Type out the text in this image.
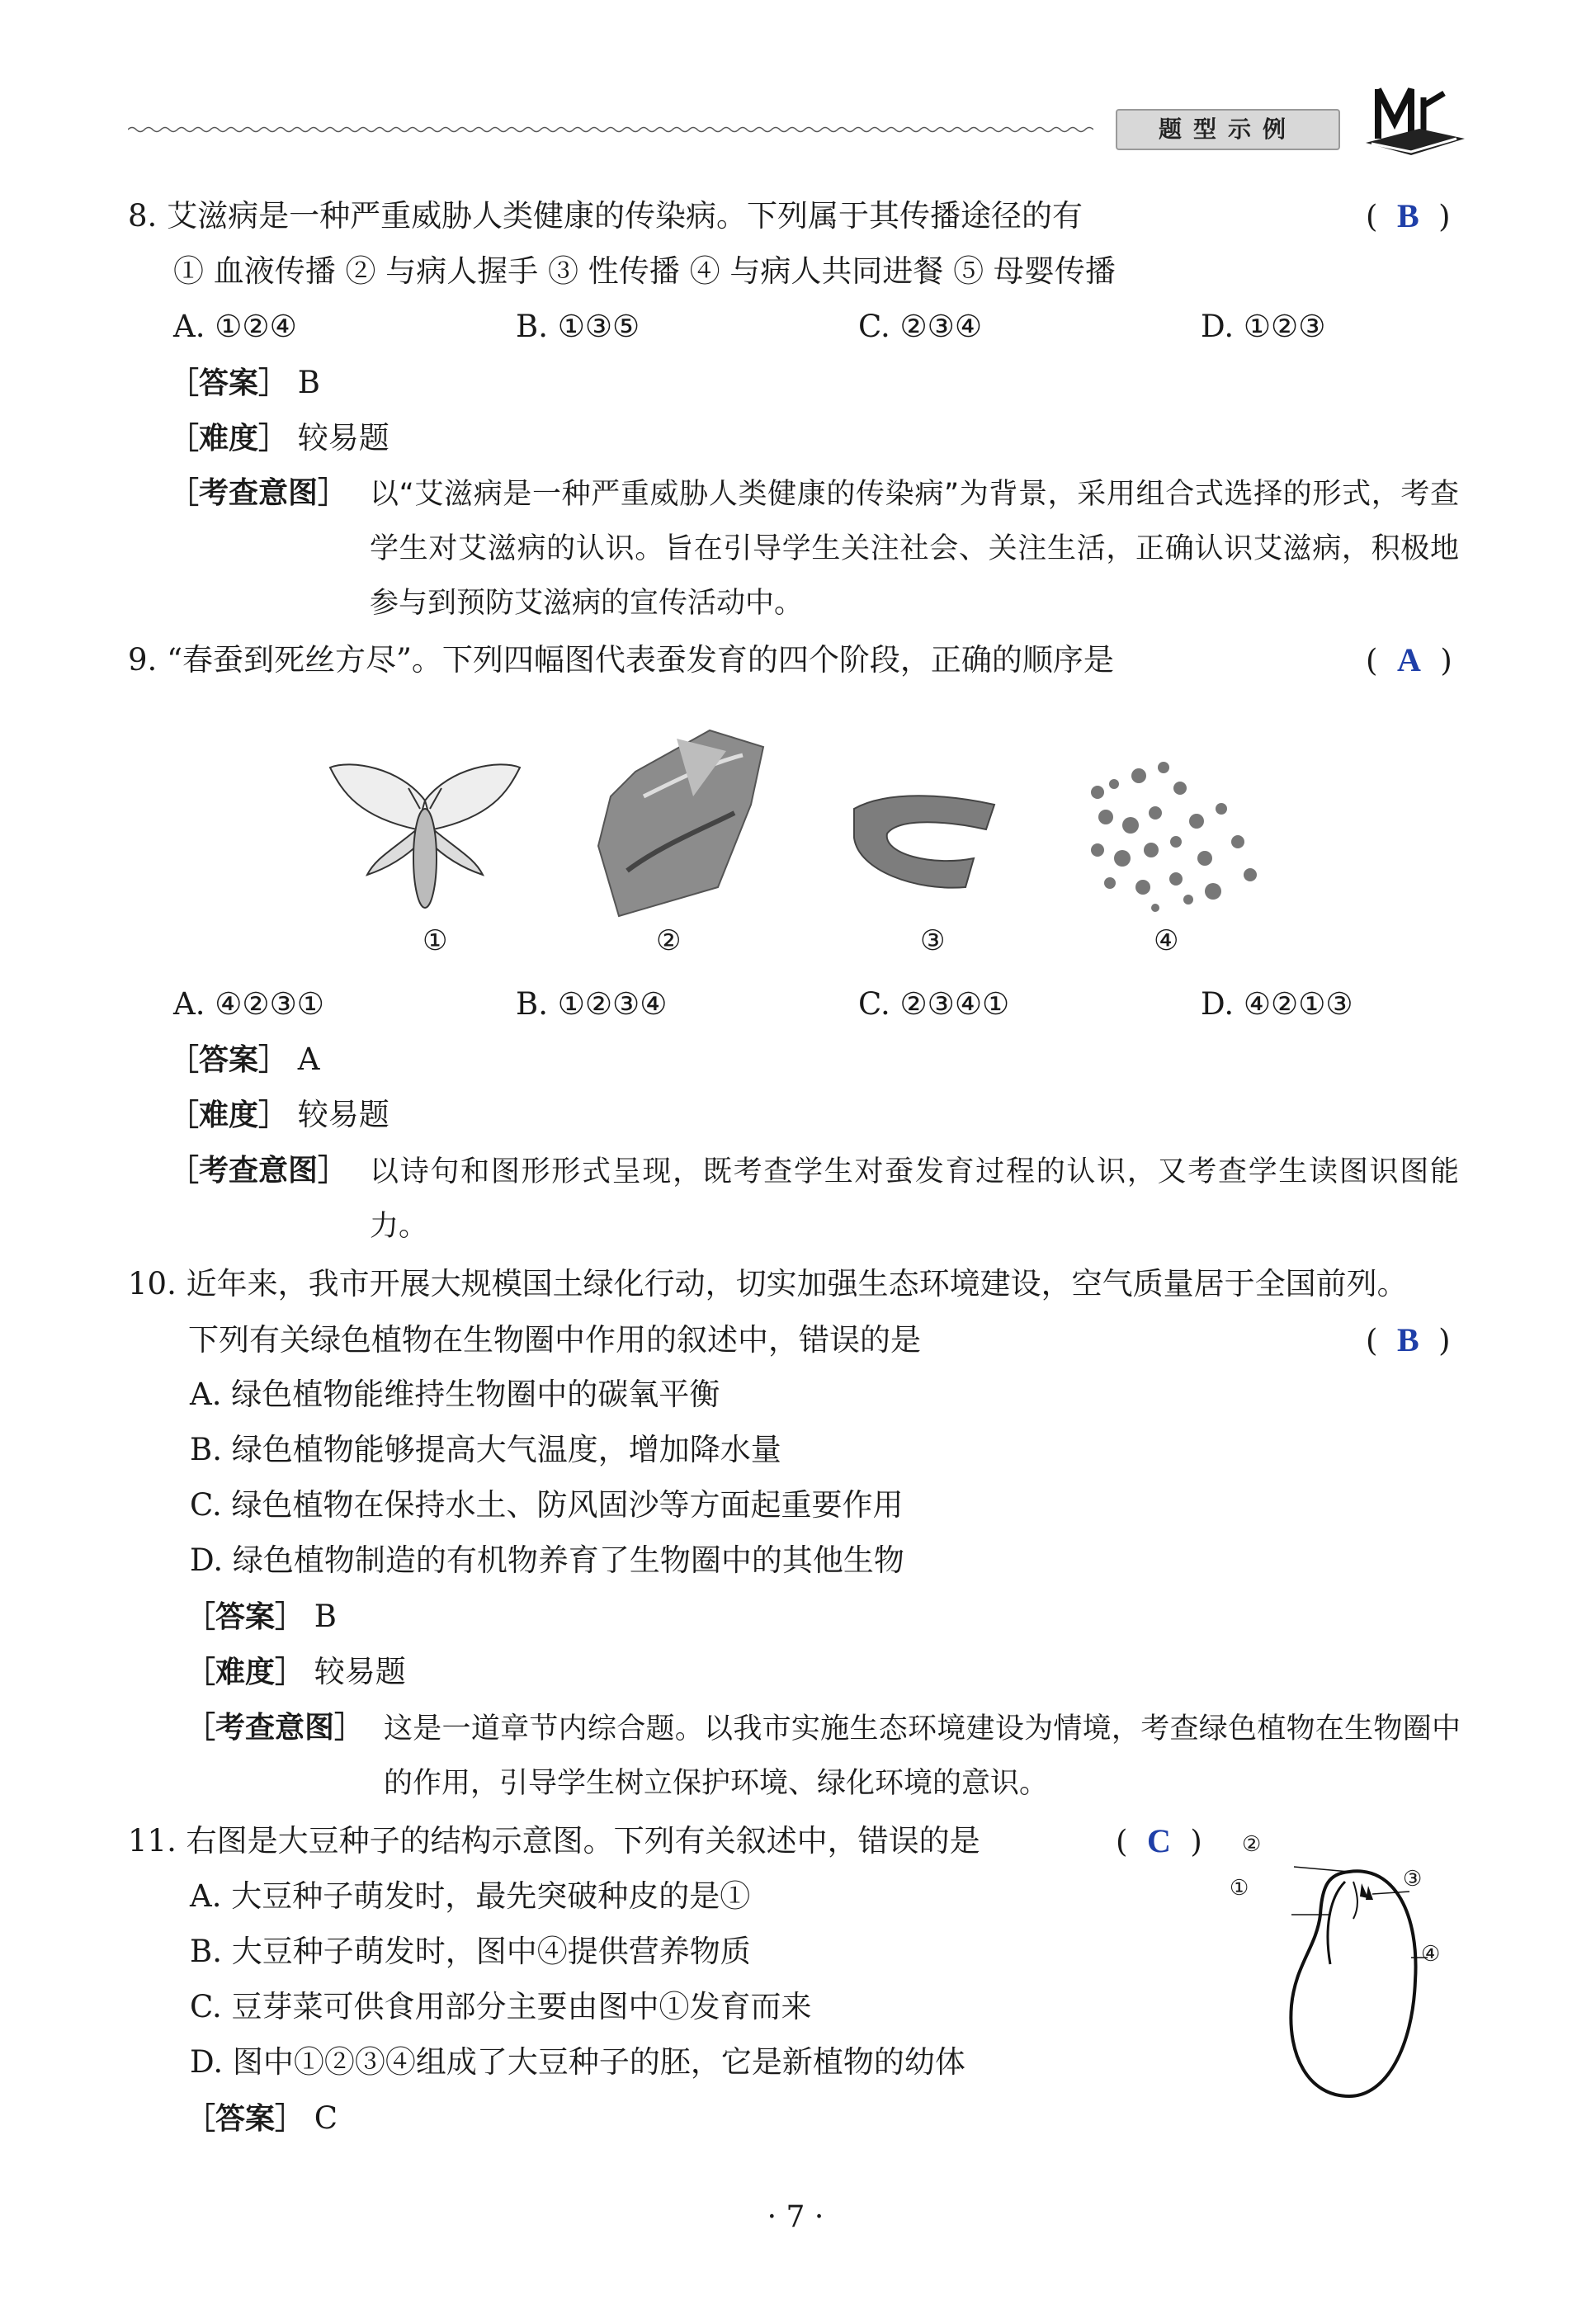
题型示例
8. 艾滋病是一种严重威胁人类健康的传染病。下列属于其传播途径的有	(  B  )
① 血液传播 ② 与病人握手 ③ 性传播 ④ 与病人共同进餐 ⑤ 母婴传播
A. ①②④	B. ①③⑤	C. ②③④	D. ①②③
［答案］ B
［难度］ 较易题
［考查意图］ 以“艾滋病是一种严重威胁人类健康的传染病”为背景，采用组合式选择的形式，考查学生对艾滋病的认识。旨在引导学生关注社会、关注生活，正确认识艾滋病，积极地参与到预防艾滋病的宣传活动中。
9. “春蚕到死丝方尽”。下列四幅图代表蚕发育的四个阶段，正确的顺序是	(  A  )
①	②	③	④
A. ④②③①	B. ①②③④	C. ②③④①	D. ④②①③
［答案］ A
［难度］ 较易题
［考查意图］ 以诗句和图形形式呈现，既考查学生对蚕发育过程的认识，又考查学生读图识图能力。
10. 近年来，我市开展大规模国土绿化行动，切实加强生态环境建设，空气质量居于全国前列。
下列有关绿色植物在生物圈中作用的叙述中，错误的是	(  B  )
A. 绿色植物能维持生物圈中的碳氧平衡
B. 绿色植物能够提高大气温度，增加降水量
C. 绿色植物在保持水土、防风固沙等方面起重要作用
D. 绿色植物制造的有机物养育了生物圈中的其他生物
［答案］ B
［难度］ 较易题
［考查意图］ 这是一道章节内综合题。以我市实施生态环境建设为情境，考查绿色植物在生物圈中的作用，引导学生树立保护环境、绿化环境的意识。
11. 右图是大豆种子的结构示意图。下列有关叙述中，错误的是	(  C  )
A. 大豆种子萌发时，最先突破种皮的是①
B. 大豆种子萌发时，图中④提供营养物质
C. 豆芽菜可供食用部分主要由图中①发育而来
D. 图中①②③④组成了大豆种子的胚，它是新植物的幼体
［答案］ C
②
③
①
④
· 7 ·
